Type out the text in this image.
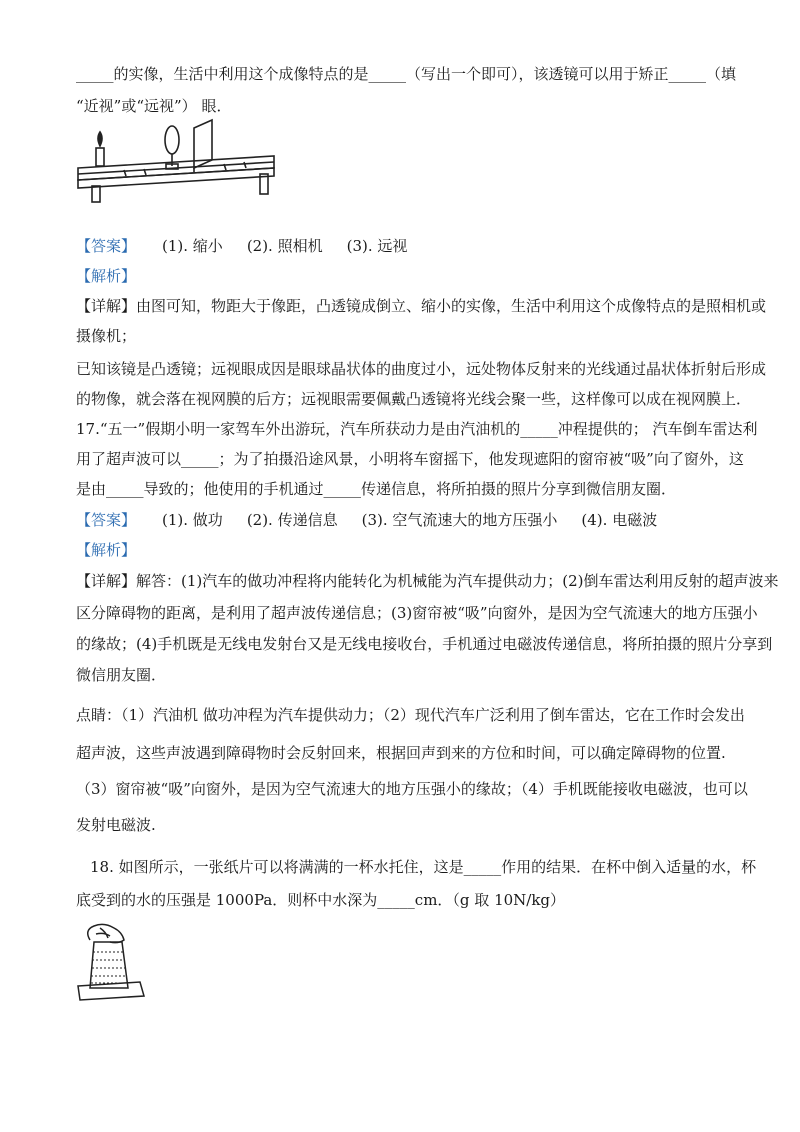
_____的实像，生活中利用这个成像特点的是_____（写出一个即可），该透镜可以用于矫正_____（填
“近视”或“远视”） 眼．
【答案】 (1). 缩小 (2). 照相机 (3). 远视
【解析】
【详解】由图可知，物距大于像距，凸透镜成倒立、缩小的实像，生活中利用这个成像特点的是照相机或
摄像机；
已知该镜是凸透镜；远视眼成因是眼球晶状体的曲度过小，远处物体反射来的光线通过晶状体折射后形成
的物像，就会落在视网膜的后方；远视眼需要佩戴凸透镜将光线会聚一些，这样像可以成在视网膜上．
17.“五一”假期小明一家驾车外出游玩，汽车所获动力是由汽油机的_____冲程提供的； 汽车倒车雷达利
用了超声波可以_____；为了拍摄沿途风景，小明将车窗摇下，他发现遮阳的窗帘被“吸”向了窗外，这
是由_____导致的；他使用的手机通过_____传递信息，将所拍摄的照片分享到微信朋友圈．
【答案】 (1). 做功 (2). 传递信息 (3). 空气流速大的地方压强小 (4). 电磁波
【解析】
【详解】解答：(1)汽车的做功冲程将内能转化为机械能为汽车提供动力；(2)倒车雷达利用反射的超声波来
区分障碍物的距离，是利用了超声波传递信息；(3)窗帘被“吸”向窗外，是因为空气流速大的地方压强小
的缘故；(4)手机既是无线电发射台又是无线电接收台，手机通过电磁波传递信息，将所拍摄的照片分享到
微信朋友圈．
点睛：（1）汽油机 做功冲程为汽车提供动力；（2）现代汽车广泛利用了倒车雷达，它在工作时会发出
超声波，这些声波遇到障碍物时会反射回来，根据回声到来的方位和时间，可以确定障碍物的位置.
（3）窗帘被“吸”向窗外，是因为空气流速大的地方压强小的缘故；（4）手机既能接收电磁波，也可以
发射电磁波.
18. 如图所示，一张纸片可以将满满的一杯水托住，这是_____作用的结果．在杯中倒入适量的水，杯
底受到的水的压强是 1000Pa．则杯中水深为_____cm．（g 取 10N/kg）
